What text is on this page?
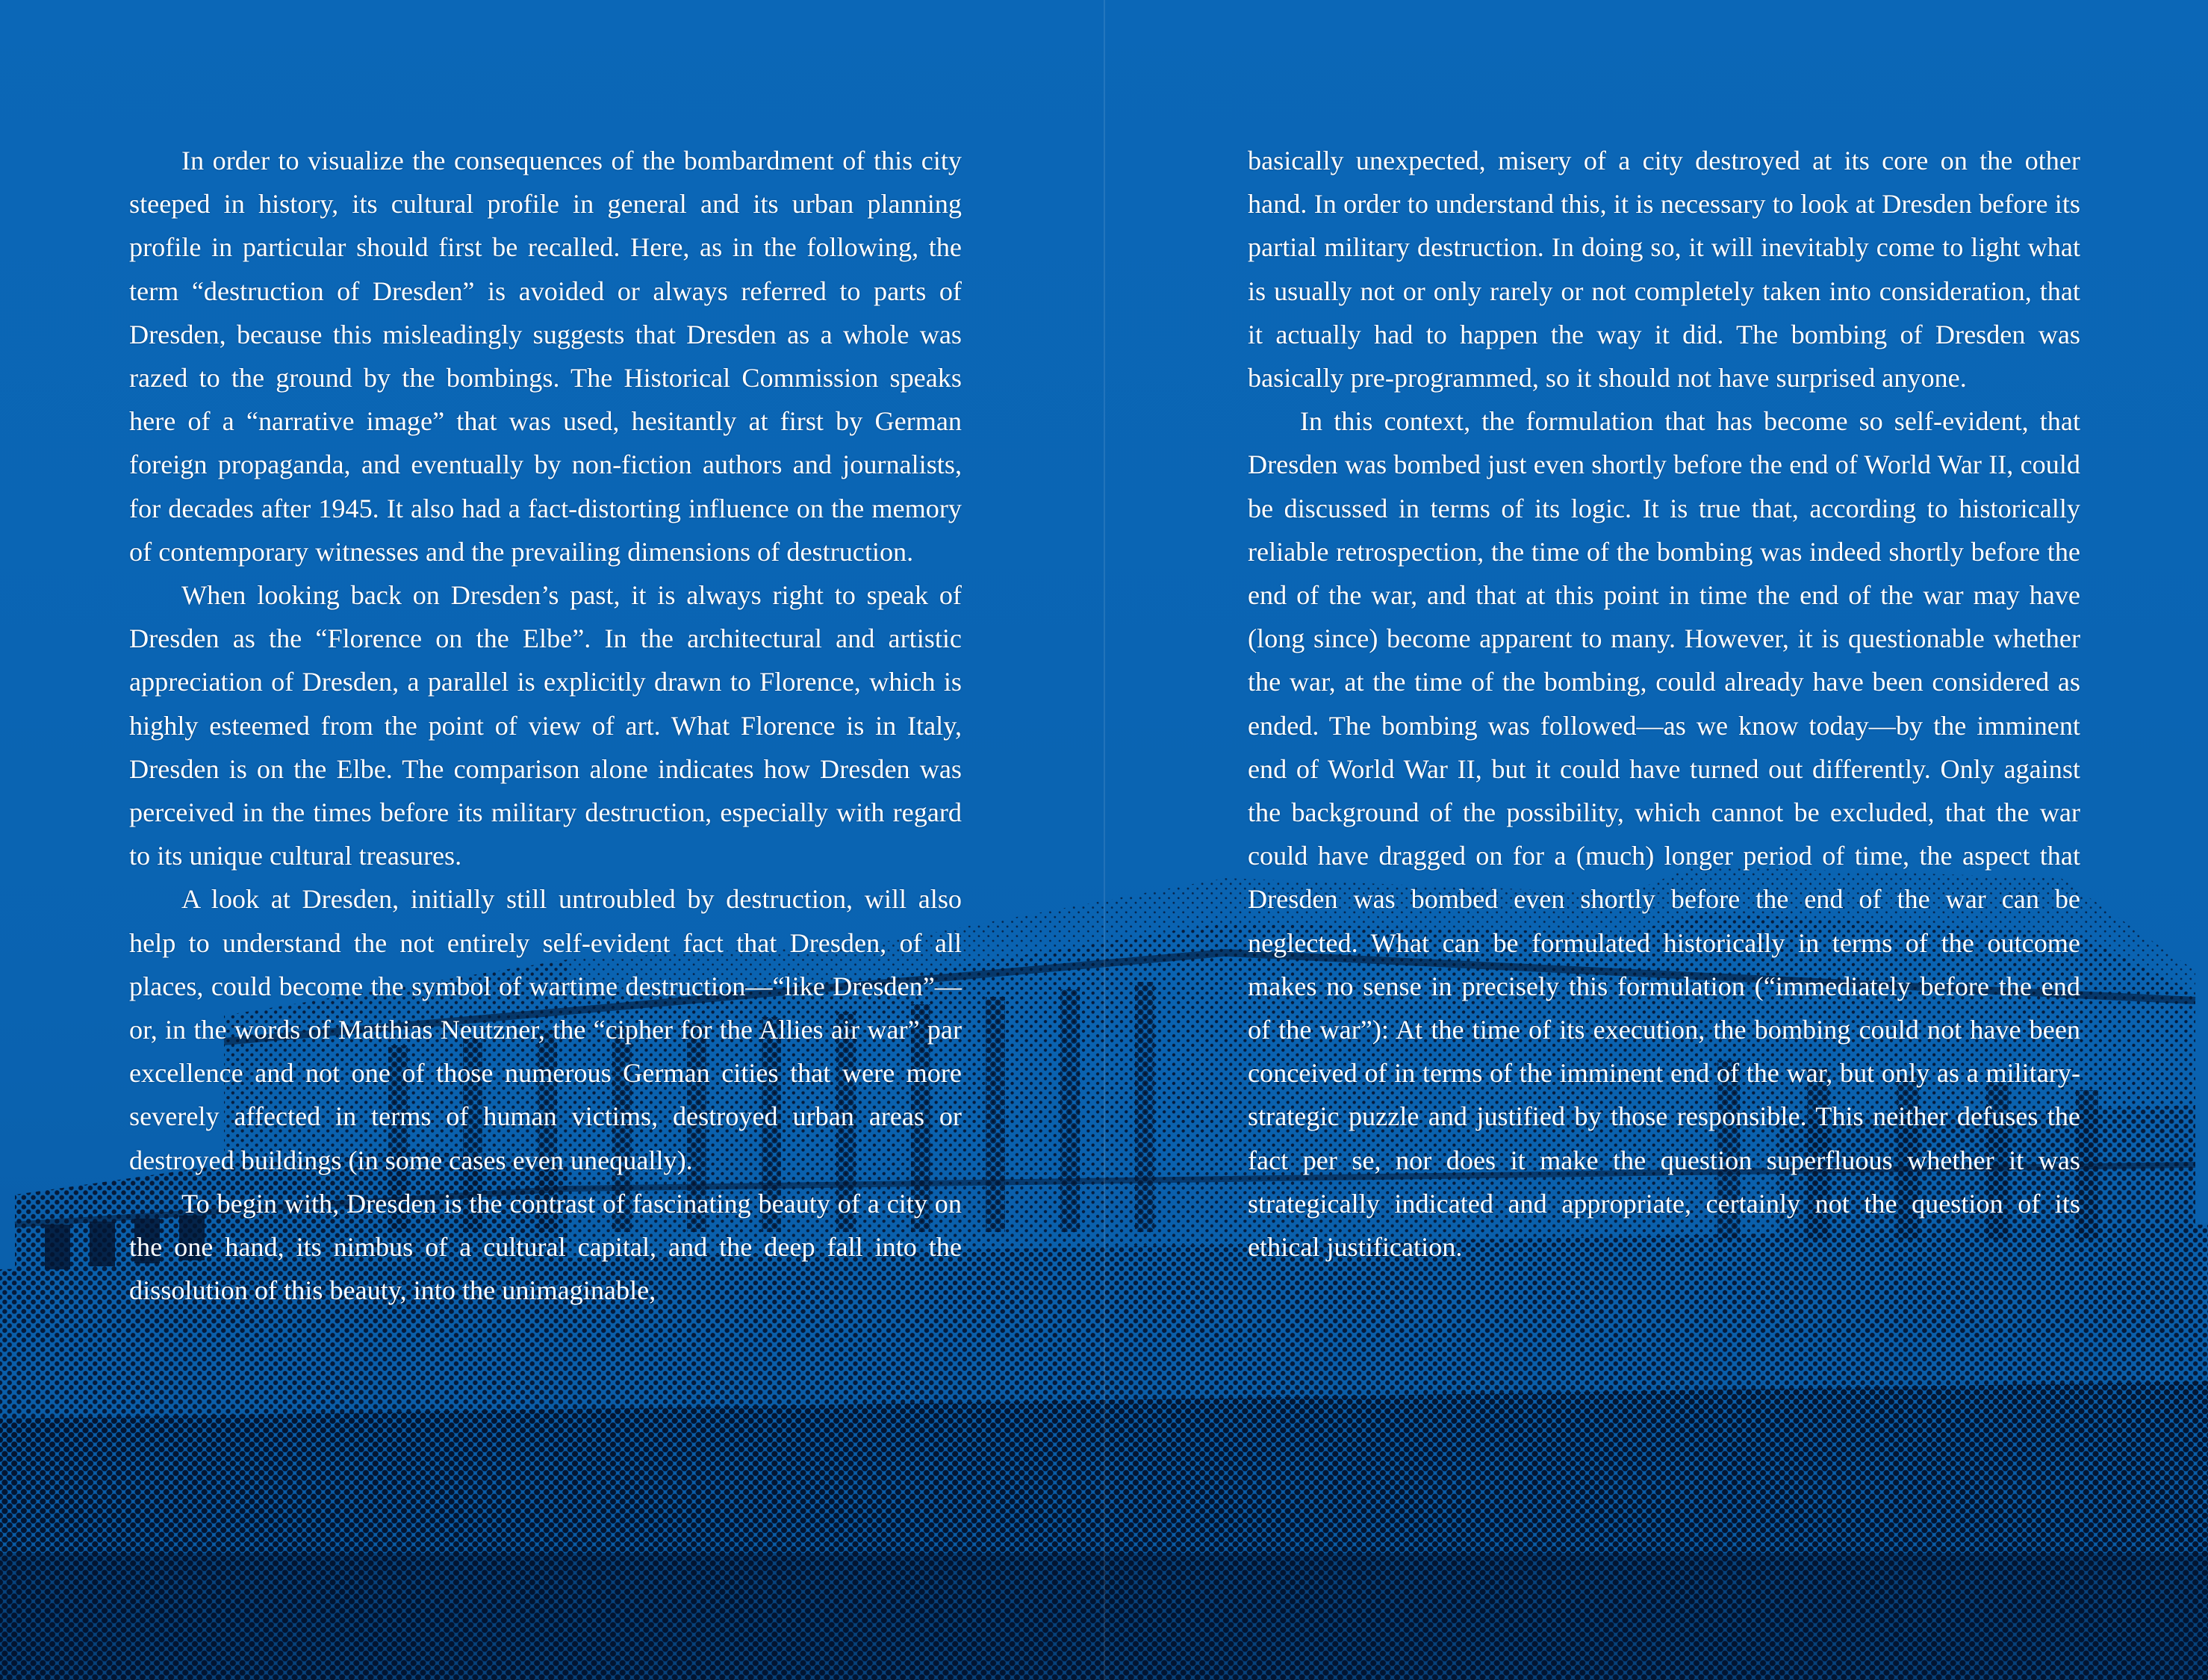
In order to visualize the consequences of the bombardment of this city steeped in history, its cultural profile in general and its urban planning profile in particular should first be recalled. Here, as in the following, the term “destruction of Dresden” is avoided or always referred to parts of Dresden, because this misleadingly suggests that Dresden as a whole was razed to the ground by the bombings. The Historical Commission speaks here of a “narrative image” that was used, hesitantly at first by German foreign propaganda, and eventually by non-fiction authors and journalists, for decades after 1945. It also had a fact-distorting influence on the memory of contemporary witnesses and the prevailing dimensions of destruction.

When looking back on Dresden’s past, it is always right to speak of Dresden as the “Florence on the Elbe”. In the architectural and artistic appreciation of Dresden, a parallel is explicitly drawn to Florence, which is highly esteemed from the point of view of art. What Florence is in Italy, Dresden is on the Elbe. The comparison alone indicates how Dresden was perceived in the times before its military destruction, especially with regard to its unique cultural treasures.

A look at Dresden, initially still untroubled by destruction, will also help to understand the not entirely self-evident fact that Dresden, of all places, could become the symbol of wartime destruction—“like Dresden”—or, in the words of Matthias Neutzner, the “cipher for the Allies air war” par excellence and not one of those numerous German cities that were more severely affected in terms of human victims, destroyed urban areas or destroyed buildings (in some cases even unequally).

To begin with, Dresden is the contrast of fascinating beauty of a city on the one hand, its nimbus of a cultural capital, and the deep fall into the dissolution of this beauty, into the unimaginable,

basically unexpected, misery of a city destroyed at its core on the other hand. In order to understand this, it is necessary to look at Dresden before its partial military destruction. In doing so, it will inevitably come to light what is usually not or only rarely or not completely taken into consideration, that it actually had to happen the way it did. The bombing of Dresden was basically pre-programmed, so it should not have surprised anyone.

In this context, the formulation that has become so self-evident, that Dresden was bombed just even shortly before the end of World War II, could be discussed in terms of its logic. It is true that, according to historically reliable retrospection, the time of the bombing was indeed shortly before the end of the war, and that at this point in time the end of the war may have (long since) become apparent to many. However, it is questionable whether the war, at the time of the bombing, could already have been considered as ended. The bombing was followed—as we know today—by the imminent end of World War II, but it could have turned out differently. Only against the background of the possibility, which cannot be excluded, that the war could have dragged on for a (much) longer period of time, the aspect that Dresden was bombed even shortly before the end of the war can be neglected. What can be formulated historically in terms of the outcome makes no sense in precisely this formulation (“immediately before the end of the war”): At the time of its execution, the bombing could not have been conceived of in terms of the imminent end of the war, but only as a military-strategic puzzle and justified by those responsible. This neither defuses the fact per se, nor does it make the question superfluous whether it was strategically indicated and appropriate, certainly not the question of its ethical justification.
